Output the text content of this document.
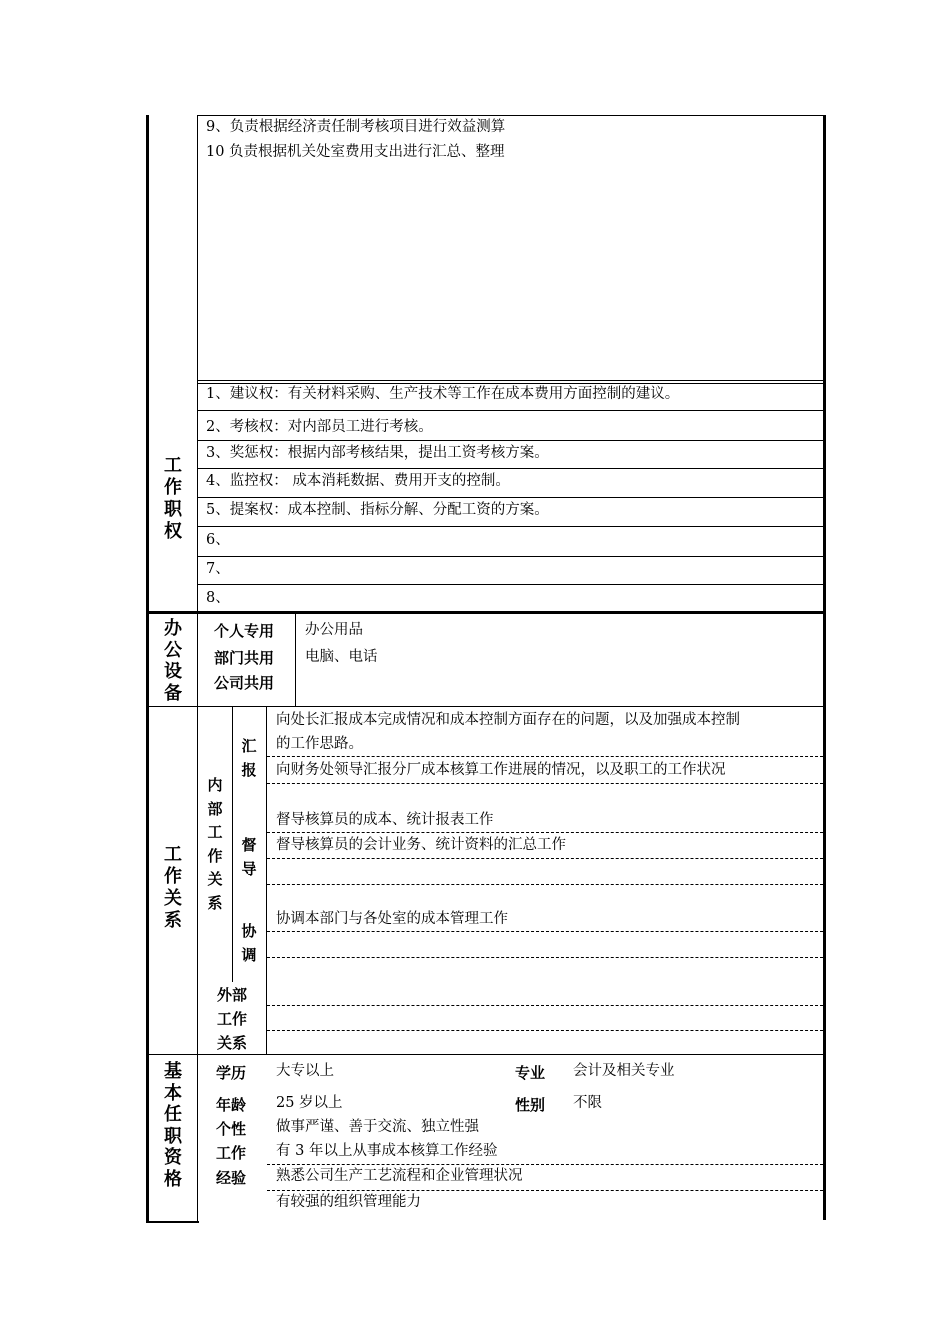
9、负责根据经济责任制考核项目进行效益测算
10 负责根据机关处室费用支出进行汇总、整理
工作职权
1、建议权：有关材料采购、生产技术等工作在成本费用方面控制的建议。
2、考核权：对内部员工进行考核。
3、奖惩权：根据内部考核结果，提出工资考核方案。
4、监控权： 成本消耗数据、费用开支的控制。
5、提案权：成本控制、指标分解、分配工资的方案。
6、
7、
8、
办公设备
个人专用 办公用品
部门共用 电脑、电话
公司共用
工作关系
内部工作关系
汇报
督导
协调
外部工作关系
向处长汇报成本完成情况和成本控制方面存在的问题，以及加强成本控制
的工作思路。
向财务处领导汇报分厂成本核算工作进展的情况，以及职工的工作状况
督导核算员的成本、统计报表工作
督导核算员的会计业务、统计资料的汇总工作
协调本部门与各处室的成本管理工作
基本任职资格
学历 大专以上	专业 会计及相关专业
年龄 25 岁以上	性别 不限
个性 做事严谨、善于交流、独立性强
工作
经验
有 3 年以上从事成本核算工作经验
熟悉公司生产工艺流程和企业管理状况
有较强的组织管理能力
